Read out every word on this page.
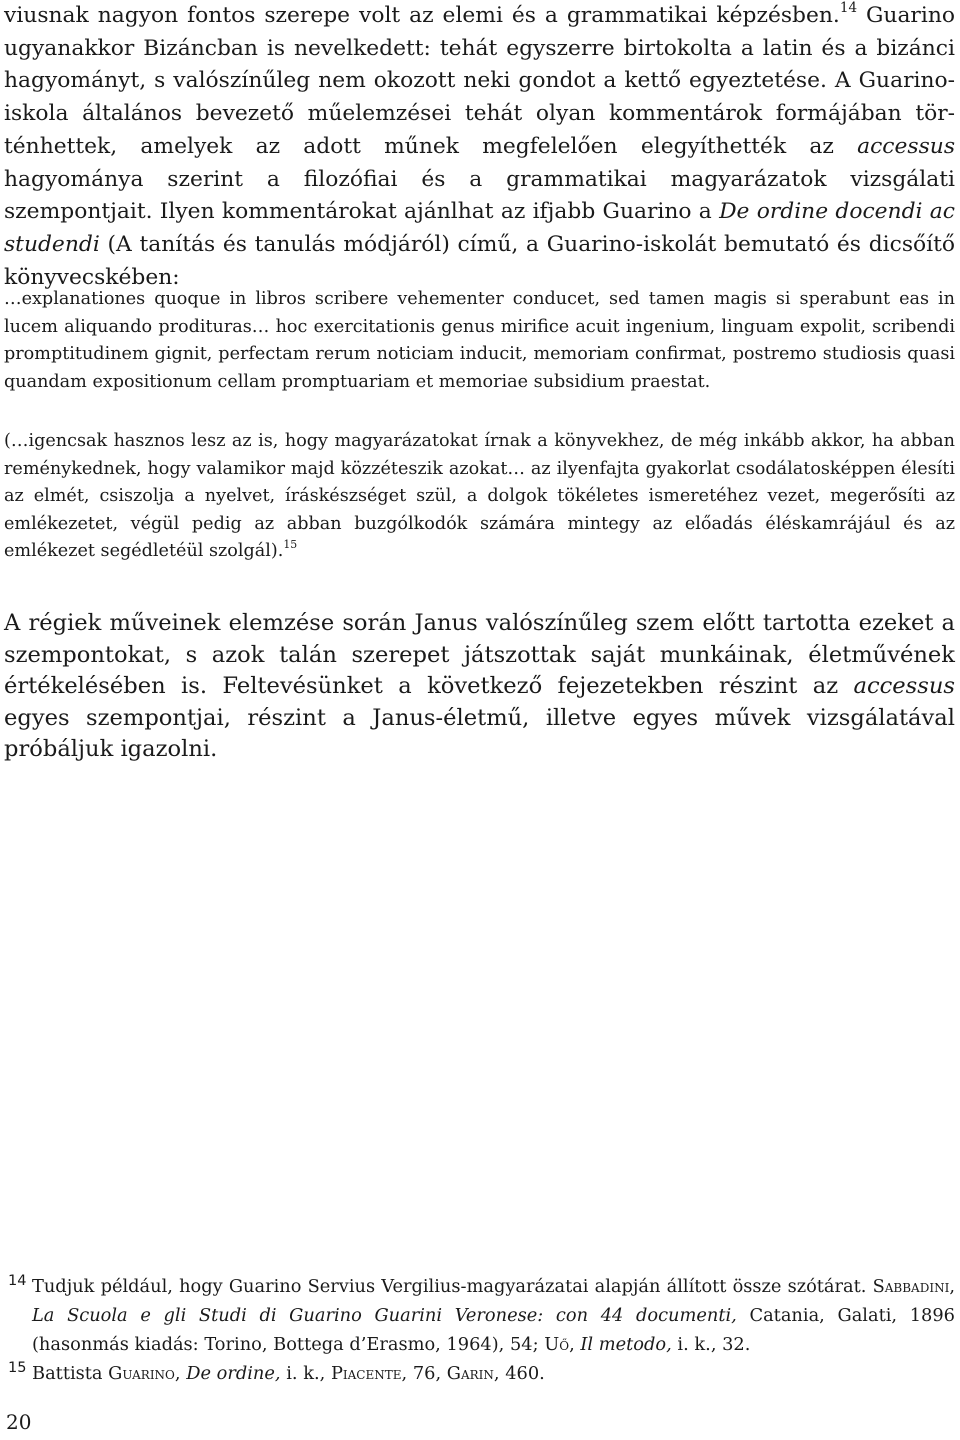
viusnak nagyon fontos szerepe volt az elemi és a grammatikai képzésben.$^{14}$ Guarino ugyanakkor Bizáncban is nevelkedett: tehát egyszerre birtokolta a latin és a bizánci hagyományt, s valószínűleg nem okozott neki gondot a kettő egyeztetése. A Guarino-iskola általános bevezető műelemzései tehát olyan kommentárok formájában történhettek, amelyek az adott műnek megfelelően elegyíthették az accessus hagyománya szerint a filozófiai és a grammatikai magyarázatok vizsgálati szempontjait. Ilyen kommentárokat ajánlhat az ifjabb Guarino a De ordine docendi ac studendi (A tanítás és tanulás módjáról) című, a Guarino-iskolát bemutató és dicsőítő könyvecskében:

…explanationes quoque in libros scribere vehementer conducet, sed tamen magis si sperabunt eas in lucem aliquando prodituras… hoc exercitationis genus mirifice acuit ingenium, linguam expolit, scribendi promptitudinem gignit, perfectam rerum noticiam inducit, memoriam confirmat, postremo studiosis quasi quandam expositionum cellam promptuariam et memoriae subsidium praestat.

(…igencsak hasznos lesz az is, hogy magyarázatokat írnak a könyvekhez, de még inkább akkor, ha abban reménykednek, hogy valamikor majd közzéteszik azokat… az ilyenfajta gyakorlat csodálatosképpen élesíti az elmét, csiszolja a nyelvet, íráskészséget szül, a dolgok tökéletes ismeretéhez vezet, megerősíti az emlékezetet, végül pedig az abban buzgólkodók számára mintegy az előadás éléskamrájául és az emlékezet segédletéül szolgál).$^{15}$

A régiek műveinek elemzése során Janus valószínűleg szem előtt tartotta ezeket a szempontokat, s azok talán szerepet játszottak saját munkáinak, életművének értékelésében is. Feltevésünket a következő fejezetekben részint az accessus egyes szempontjai, részint a Janus-életmű, illetve egyes művek vizsgálatával próbáljuk igazolni.

14 Tudjuk például, hogy Guarino Servius Vergilius-magyarázatai alapján állított össze szótárat. Sabbadini, La Scuola e gli Studi di Guarino Guarini Veronese: con 44 documenti, Catania, Galati, 1896 (hasonmás kiadás: Torino, Bottega d’Erasmo, 1964), 54; Uő, Il metodo, i. k., 32.
15 Battista Guarino, De ordine, i. k., Piacente, 76, Garin, 460.
20
